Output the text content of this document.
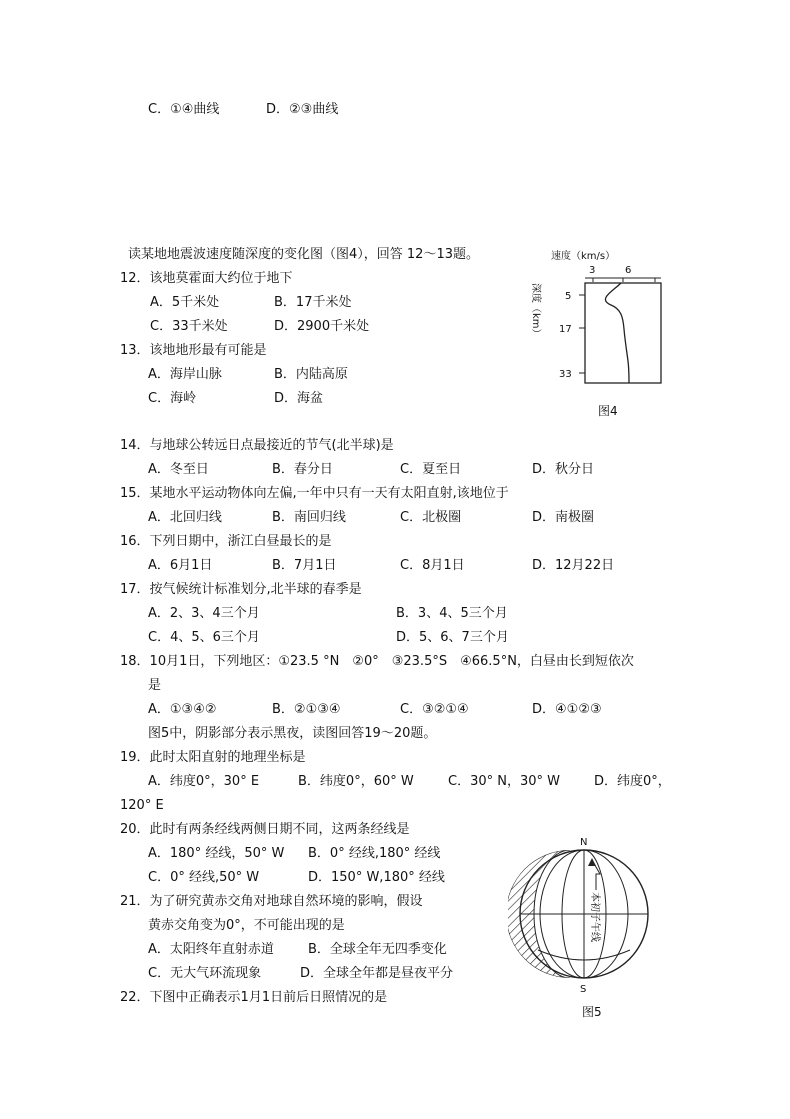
C．①④曲线	D．②③曲线
读某地地震波速度随深度的变化图（图4），回答 12～13题。
12．该地莫霍面大约位于地下
A．5千米处	B．17千米处
C．33千米处	D．2900千米处
13．该地地形最有可能是
A．海岸山脉	B．内陆高原
C．海岭	D．海盆
速度（km/s）
3	6
深度（km） 5
17
33
图4
14．与地球公转远日点最接近的节气(北半球)是
A．冬至日	B．春分日	C．夏至日	D．秋分日
15．某地水平运动物体向左偏,一年中只有一天有太阳直射,该地位于
A．北回归线	B．南回归线	C．北极圈	D．南极圈
16．下列日期中，浙江白昼最长的是
A．6月1日	B．7月1日	C．8月1日	D．12月22日
17．按气候统计标准划分,北半球的春季是
A．2、3、4三个月	B．3、4、5三个月
C．4、5、6三个月	D．5、6、7三个月
18．10月1日，下列地区：①23.5 °N　②0°　③23.5°S　④66.5°N，白昼由长到短依次
是
A．①③④②	B．②①③④	C．③②①④	D．④①②③
图5中，阴影部分表示黑夜，读图回答19～20题。
19．此时太阳直射的地理坐标是
A．纬度0°，30° E	B．纬度0°，60° W	C．30° N，30° W	D．纬度0°，
120° E
20．此时有两条经线两侧日期不同，这两条经线是
A．180° 经线，50° W B．0° 经线,180° 经线
C．0° 经线,50° W	D．150° W,180° 经线
21．为了研究黄赤交角对地球自然环境的影响，假设
黄赤交角变为0°，不可能出现的是
A．太阳终年直射赤道	B．全球全年无四季变化
C．无大气环流现象	D．全球全年都是昼夜平分
22．下图中正确表示1月1日前后日照情况的是
N
S
本初子午线
图5
